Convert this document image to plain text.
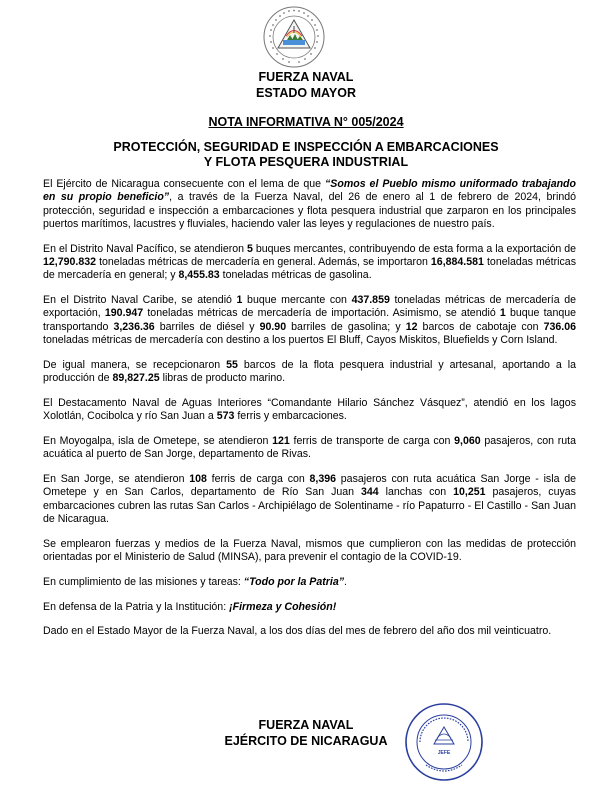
FUERZA NAVAL
ESTADO MAYOR
NOTA INFORMATIVA N° 005/2024
PROTECCIÓN, SEGURIDAD E INSPECCIÓN A EMBARCACIONES
Y FLOTA PESQUERA INDUSTRIAL

El Ejército de Nicaragua consecuente con el lema de que “Somos el Pueblo mismo uniformado trabajando en su propio beneficio”, a través de la Fuerza Naval, del 26 de enero al 1 de febrero de 2024, brindó protección, seguridad e inspección a embarcaciones y flota pesquera industrial que zarparon en los principales puertos marítimos, lacustres y fluviales, haciendo valer las leyes y regulaciones de nuestro país.

En el Distrito Naval Pacífico, se atendieron 5 buques mercantes, contribuyendo de esta forma a la exportación de 12,790.832 toneladas métricas de mercadería en general. Además, se importaron 16,884.581 toneladas métricas de mercadería en general; y 8,455.83 toneladas métricas de gasolina.

En el Distrito Naval Caribe, se atendió 1 buque mercante con 437.859 toneladas métricas de mercadería de exportación, 190.947 toneladas métricas de mercadería de importación. Asimismo, se atendió 1 buque tanque transportando 3,236.36 barriles de diésel y 90.90 barriles de gasolina; y 12 barcos de cabotaje con 736.06 toneladas métricas de mercadería con destino a los puertos El Bluff, Cayos Miskitos, Bluefields y Corn Island.

De igual manera, se recepcionaron 55 barcos de la flota pesquera industrial y artesanal, aportando a la producción de 89,827.25 libras de producto marino.

El Destacamento Naval de Aguas Interiores “Comandante Hilario Sánchez Vásquez”, atendió en los lagos Xolotlán, Cocibolca y río San Juan a 573 ferris y embarcaciones.

En Moyogalpa, isla de Ometepe, se atendieron 121 ferris de transporte de carga con 9,060 pasajeros, con ruta acuática al puerto de San Jorge, departamento de Rivas.

En San Jorge, se atendieron 108 ferris de carga con 8,396 pasajeros con ruta acuática San Jorge - isla de Ometepe y en San Carlos, departamento de Río San Juan 344 lanchas con 10,251 pasajeros, cuyas embarcaciones cubren las rutas San Carlos - Archipiélago de Solentiname - río Papaturro - El Castillo - San Juan de Nicaragua.

Se emplearon fuerzas y medios de la Fuerza Naval, mismos que cumplieron con las medidas de protección orientadas por el Ministerio de Salud (MINSA), para prevenir el contagio de la COVID-19.

En cumplimiento de las misiones y tareas: “Todo por la Patria”.

En defensa de la Patria y la Institución: ¡Firmeza y Cohesión!

Dado en el Estado Mayor de la Fuerza Naval, a los dos días del mes de febrero del año dos mil veinticuatro.

FUERZA NAVAL
EJÉRCITO DE NICARAGUA
JEFE
